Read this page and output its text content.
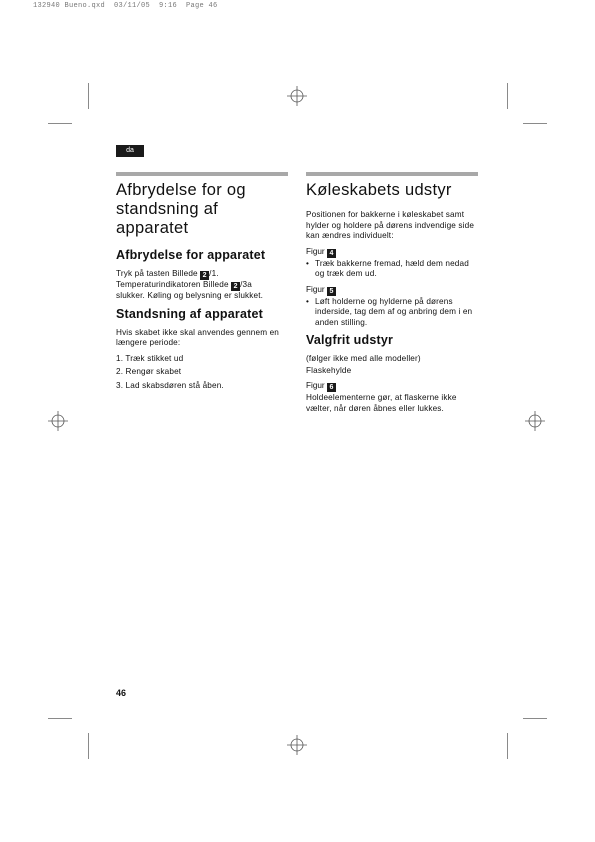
132940 Bueno.qxd  03/11/05  9:16  Page 46
da
Afbrydelse for og standsning af apparatet
Afbrydelse for apparatet

Tryk på tasten Billede 2 /1.
Temperaturindikatoren Billede 2 /3a
slukker. Køling og belysning er slukket.

Standsning af apparatet

Hvis skabet ikke skal anvendes gennem en længere periode:

1. Træk stikket ud

2. Rengør skabet

3. Lad skabsdøren stå åben.

Køleskabets udstyr

Positionen for bakkerne i køleskabet samt hylder og holdere på dørens indvendige side kan ændres individuelt:

Figur 4

• Træk bakkerne fremad, hæld dem nedad og træk dem ud.

Figur 5

• Løft holderne og hylderne på dørens inderside, tag dem af og anbring dem i en anden stilling.
Valgfrit udstyr

(følger ikke med alle modeller)

Flaskehylde

Figur 6

Holdeelementerne gør, at flaskerne ikke vælter, når døren åbnes eller lukkes.

46
